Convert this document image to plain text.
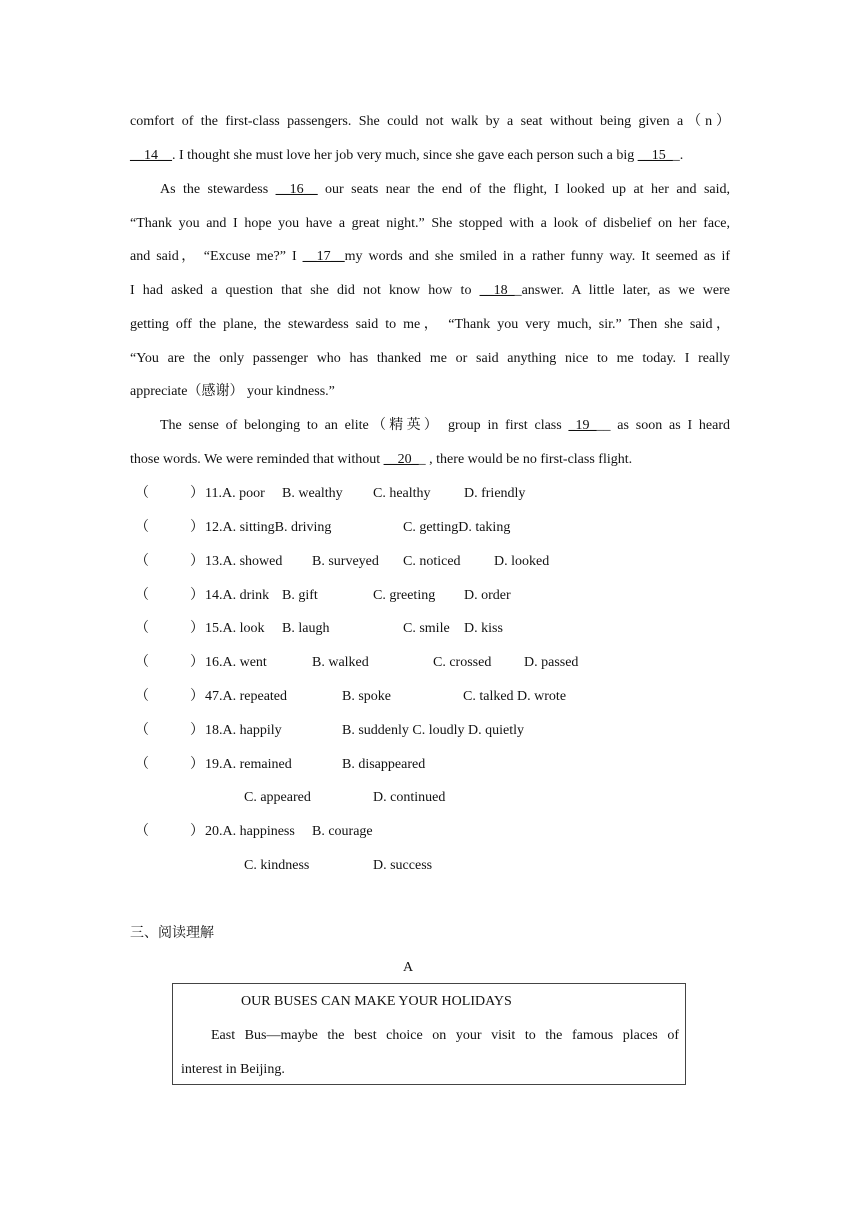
comfort of the first-class passengers. She could not walk by a seat without being given a（n）
__14__. I thought she must love her job very much, since she gave each person such a big __15__.
As the stewardess __16__ our seats near the end of the flight, I looked up at her and said,
“Thank you and I hope you have a great night.” She stopped with a look of disbelief on her face,
and said， “Excuse me?” I __17__my words and she smiled in a rather funny way. It seemed as if
I had asked a question that she did not know how to __18__answer. A little later, as we were
getting off the plane, the stewardess said to me， “Thank you very much, sir.” Then she said，
“You are the only passenger who has thanked me or said anything nice to me today. I really
appreciate（感谢） your kindness.”
The sense of belonging to an elite（精英） group in first class _19___ as soon as I heard
those words. We were reminded that without __20__ , there would be no first-class flight.
（	） 11.A. poor B. wealthy C. healthy D. friendly
（	） 12.A. sittingB. driving	C. gettingD. taking
（	） 13.A. showed B. surveyed C. noticed D. looked
（	） 14.A. drink B. gift	C. greeting D. order
（	） 15.A. look B. laugh	C. smile D. kiss
（	） 16.A. went	B. walked	C. crossed D. passed
（	） 47.A. repeated	B. spoke	C. talked D. wrote
（	） 18.A. happily	B. suddenly C. loudly D. quietly
（	） 19.A. remained	B. disappeared
C. appeared	D. continued
（	） 20.A. happiness B. courage
C. kindness	D. success
三、阅读理解
A
OUR BUSES CAN MAKE YOUR HOLIDAYS
East Bus—maybe the best choice on your visit to the famous places of
interest in Beijing.
